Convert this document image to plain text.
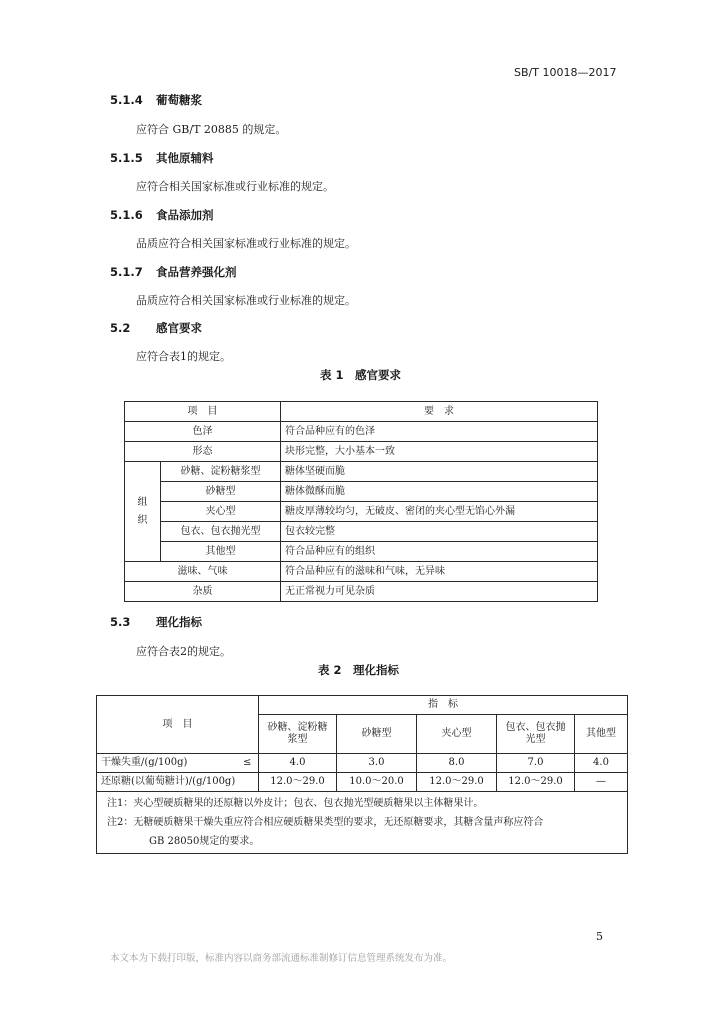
SB/T 10018—2017
5.1.4 葡萄糖浆
应符合 GB/T 20885 的规定。
5.1.5 其他原辅料
应符合相关国家标准或行业标准的规定。
5.1.6 食品添加剂
品质应符合相关国家标准或行业标准的规定。
5.1.7 食品营养强化剂
品质应符合相关国家标准或行业标准的规定。
5.2 感官要求
应符合表1的规定。
表 1　感官要求
项　目		要　求
色泽		符合品种应有的色泽
形态		块形完整，大小基本一致
组
织	砂糖、淀粉糖浆型	糖体坚硬而脆
	砂糖型	糖体微酥而脆
	夹心型	糖皮厚薄较均匀，无破皮、密闭的夹心型无馅心外漏
	包衣、包衣抛光型	包衣较完整
	其他型	符合品种应有的组织
滋味、气味		符合品种应有的滋味和气味，无异味
杂质		无正常视力可见杂质
5.3 理化指标
应符合表2的规定。
表 2　理化指标
项　目		指　标				
		砂糖、淀粉糖浆型	砂糖型	夹心型	包衣、包衣抛光型	其他型
干燥失重/(g/100g)	≤	4.0	3.0	8.0	7.0	4.0
还原糖(以葡萄糖计)/(g/100g)		12.0～29.0	10.0～20.0	12.0～29.0	12.0～29.0	—

注1：夹心型硬质糖果的还原糖以外皮计；包衣、包衣抛光型硬质糖果以主体糖果计。
注2：无糖硬质糖果干燥失重应符合相应硬质糖果类型的要求，无还原糖要求，其糖含量声称应符合
GB 28050规定的要求。						
5
本文本为下载打印版，标准内容以商务部流通标准制修订信息管理系统发布为准。
